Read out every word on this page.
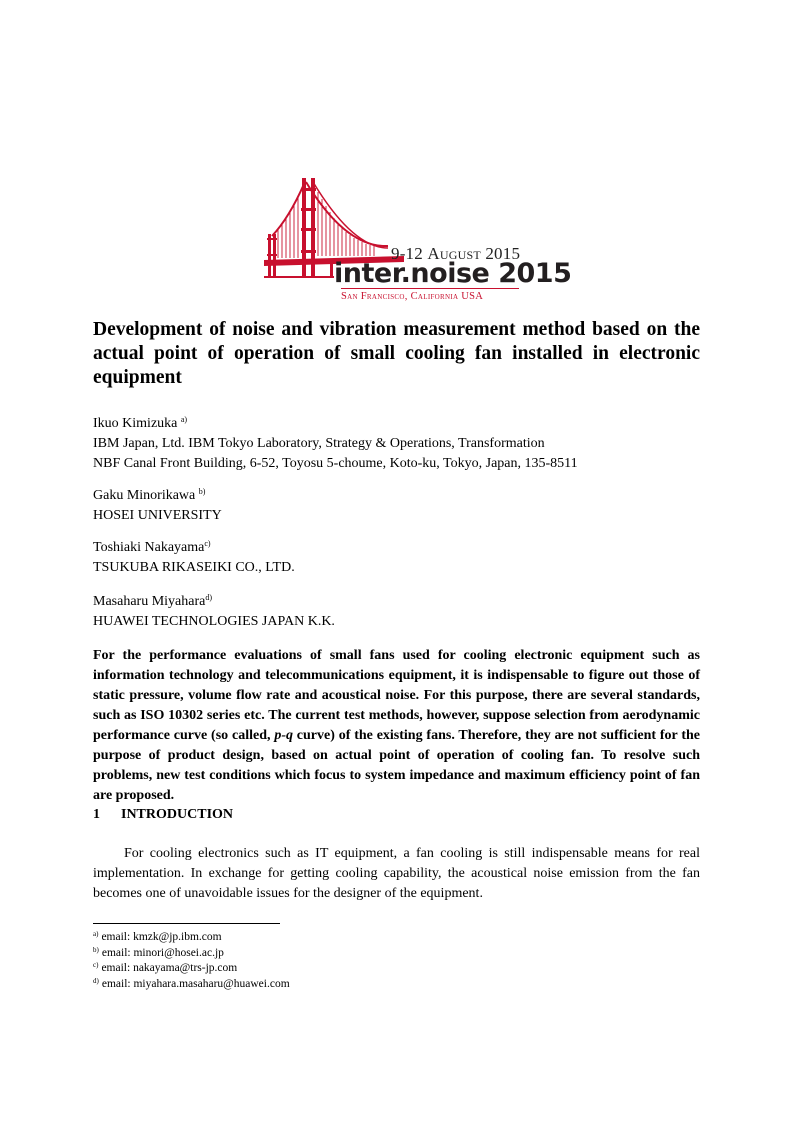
9-12 August 2015
inter.noise 2015
San Francisco, California USA
Development of noise and vibration measurement method based on the actual point of operation of small cooling fan installed in electronic equipment
Ikuo Kimizuka $^{a)}$
IBM Japan, Ltd. IBM Tokyo Laboratory, Strategy & Operations, Transformation
NBF Canal Front Building, 6-52, Toyosu 5-choume, Koto-ku, Tokyo, Japan, 135-8511
Gaku Minorikawa $^{b)}$
HOSEI UNIVERSITY
Toshiaki Nakayama$^{c)}$
TSUKUBA RIKASEIKI CO., LTD.
Masaharu Miyahara$^{d)}$
HUAWEI TECHNOLOGIES JAPAN K.K.

For the performance evaluations of small fans used for cooling electronic equipment such as information technology and telecommunications equipment, it is indispensable to figure out those of static pressure, volume flow rate and acoustical noise. For this purpose, there are several standards, such as ISO 10302 series etc. The current test methods, however, suppose selection from aerodynamic performance curve (so called, p-q curve) of the existing fans. Therefore, they are not sufficient for the purpose of product design, based on actual point of operation of cooling fan. To resolve such problems, new test conditions which focus to system impedance and maximum efficiency point of fan are proposed.

1 INTRODUCTION

For cooling electronics such as IT equipment, a fan cooling is still indispensable means for real implementation. In exchange for getting cooling capability, the acoustical noise emission from the fan becomes one of unavoidable issues for the designer of the equipment.

$^{a)}$ email: kmzk@jp.ibm.com
$^{b)}$ email: minori@hosei.ac.jp
$^{c)}$ email: nakayama@trs-jp.com
$^{d)}$ email: miyahara.masaharu@huawei.com
